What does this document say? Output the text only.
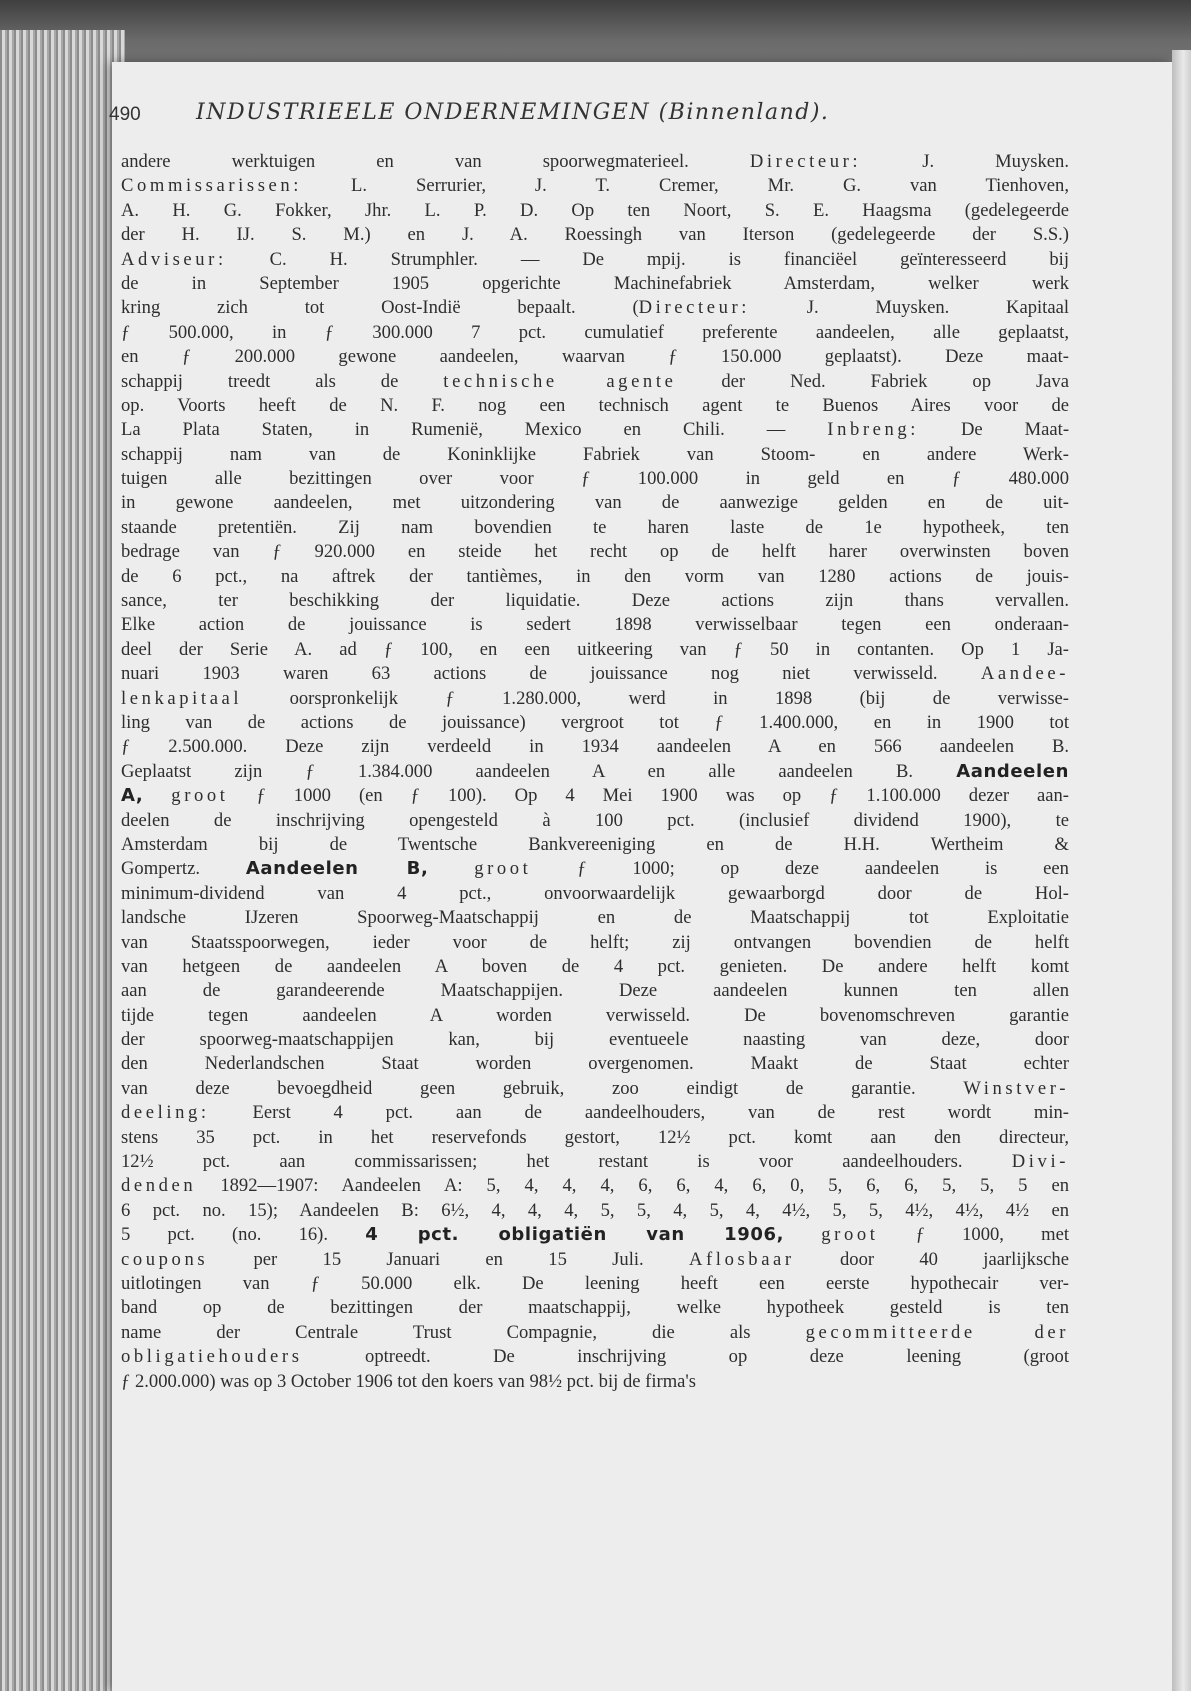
490	INDUSTRIEELE ONDERNEMINGEN (Binnenland).
andere werktuigen en van spoorwegmaterieel. Directeur: J. Muysken.
Commissarissen: L. Serrurier, J. T. Cremer, Mr. G. van Tienhoven,
A. H. G. Fokker, Jhr. L. P. D. Op ten Noort, S. E. Haagsma (gedelegeerde
der H. IJ. S. M.) en J. A. Roessingh van Iterson (gedelegeerde der S.S.)
Adviseur: C. H. Strumphler. — De mpij. is financiëel geïnteresseerd bij
de in September 1905 opgerichte Machinefabriek Amsterdam, welker werk
kring zich tot Oost-Indië bepaalt. (Directeur: J. Muysken. Kapitaal
ƒ 500.000, in ƒ 300.000 7 pct. cumulatief preferente aandeelen, alle geplaatst,
en ƒ 200.000 gewone aandeelen, waarvan ƒ 150.000 geplaatst). Deze maat-
schappij treedt als de technische agente der Ned. Fabriek op Java
op. Voorts heeft de N. F. nog een technisch agent te Buenos Aires voor de
La Plata Staten, in Rumenië, Mexico en Chili. — Inbreng: De Maat-
schappij nam van de Koninklijke Fabriek van Stoom- en andere Werk-
tuigen alle bezittingen over voor ƒ 100.000 in geld en ƒ 480.000
in gewone aandeelen, met uitzondering van de aanwezige gelden en de uit-
staande pretentiën. Zij nam bovendien te haren laste de 1e hypotheek, ten
bedrage van ƒ 920.000 en steide het recht op de helft harer overwinsten boven
de 6 pct., na aftrek der tantièmes, in den vorm van 1280 actions de jouis-
sance, ter beschikking der liquidatie. Deze actions zijn thans vervallen.
Elke action de jouissance is sedert 1898 verwisselbaar tegen een onderaan-
deel der Serie A. ad ƒ 100, en een uitkeering van ƒ 50 in contanten. Op 1 Ja-
nuari 1903 waren 63 actions de jouissance nog niet verwisseld. Aandee-
lenkapitaal oorspronkelijk ƒ 1.280.000, werd in 1898 (bij de verwisse-
ling van de actions de jouissance) vergroot tot ƒ 1.400.000, en in 1900 tot
ƒ 2.500.000. Deze zijn verdeeld in 1934 aandeelen A en 566 aandeelen B.
Geplaatst zijn ƒ 1.384.000 aandeelen A en alle aandeelen B. Aandeelen
A, groot ƒ 1000 (en ƒ 100). Op 4 Mei 1900 was op ƒ 1.100.000 dezer aan-
deelen de inschrijving opengesteld à 100 pct. (inclusief dividend 1900), te
Amsterdam bij de Twentsche Bankvereeniging en de H.H. Wertheim &
Gompertz. Aandeelen B, groot ƒ 1000; op deze aandeelen is een
minimum-dividend van 4 pct., onvoorwaardelijk gewaarborgd door de Hol-
landsche IJzeren Spoorweg-Maatschappij en de Maatschappij tot Exploitatie
van Staatsspoorwegen, ieder voor de helft; zij ontvangen bovendien de helft
van hetgeen de aandeelen A boven de 4 pct. genieten. De andere helft komt
aan de garandeerende Maatschappijen. Deze aandeelen kunnen ten allen
tijde tegen aandeelen A worden verwisseld. De bovenomschreven garantie
der spoorweg-maatschappijen kan, bij eventueele naasting van deze, door
den Nederlandschen Staat worden overgenomen. Maakt de Staat echter
van deze bevoegdheid geen gebruik, zoo eindigt de garantie. Winstver-
deeling: Eerst 4 pct. aan de aandeelhouders, van de rest wordt min-
stens 35 pct. in het reservefonds gestort, 12½ pct. komt aan den directeur,
12½ pct. aan commissarissen; het restant is voor aandeelhouders. Divi-
denden 1892—1907: Aandeelen A: 5, 4, 4, 4, 6, 6, 4, 6, 0, 5, 6, 6, 5, 5, 5 en
6 pct. no. 15); Aandeelen B: 6½, 4, 4, 4, 5, 5, 4, 5, 4, 4½, 5, 5, 4½, 4½, 4½ en
5 pct. (no. 16). 4 pct. obligatiën van 1906, groot ƒ 1000, met
coupons per 15 Januari en 15 Juli. Aflosbaar door 40 jaarlijksche
uitlotingen van ƒ 50.000 elk. De leening heeft een eerste hypothecair ver-
band op de bezittingen der maatschappij, welke hypotheek gesteld is ten
name der Centrale Trust Compagnie, die als gecommitteerde der
obligatiehouders optreedt. De inschrijving op deze leening (groot
ƒ 2.000.000) was op 3 October 1906 tot den koers van 98½ pct. bij de firma's
